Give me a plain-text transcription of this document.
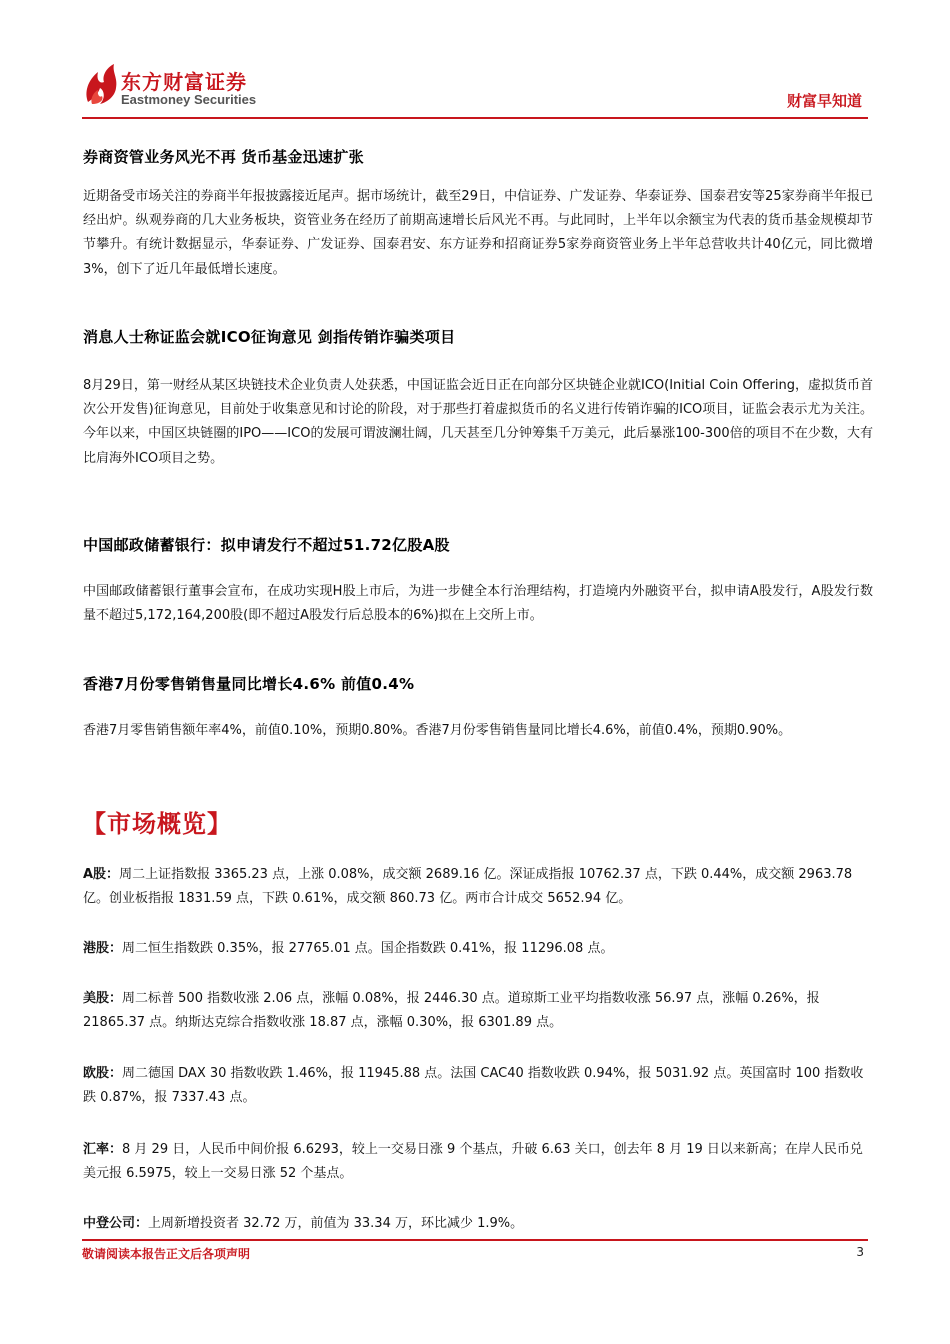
东方财富证券
Eastmoney Securities	财富早知道
券商资管业务风光不再 货币基金迅速扩张

近期备受市场关注的券商半年报披露接近尾声。据市场统计，截至29日，中信证券、广发证券、华泰证券、国泰君安等25家券商半年报已经出炉。纵观券商的几大业务板块，资管业务在经历了前期高速增长后风光不再。与此同时，上半年以余额宝为代表的货币基金规模却节节攀升。有统计数据显示，华泰证券、广发证券、国泰君安、东方证券和招商证券5家券商资管业务上半年总营收共计40亿元，同比微增3%，创下了近几年最低增长速度。

消息人士称证监会就ICO征询意见 剑指传销诈骗类项目

8月29日，第一财经从某区块链技术企业负责人处获悉，中国证监会近日正在向部分区块链企业就ICO(Initial Coin Offering，虚拟货币首次公开发售)征询意见，目前处于收集意见和讨论的阶段，对于那些打着虚拟货币的名义进行传销诈骗的ICO项目，证监会表示尤为关注。 今年以来，中国区块链圈的IPO——ICO的发展可谓波澜壮阔，几天甚至几分钟筹集千万美元，此后暴涨100-300倍的项目不在少数，大有比肩海外ICO项目之势。

中国邮政储蓄银行：拟申请发行不超过51.72亿股A股

中国邮政储蓄银行董事会宣布，在成功实现H股上市后，为进一步健全本行治理结构，打造境内外融资平台，拟申请A股发行，A股发行数量不超过5,172,164,200股(即不超过A股发行后总股本的6%)拟在上交所上市。

香港7月份零售销售量同比增长4.6% 前值0.4%

香港7月零售销售额年率4%，前值0.10%，预期0.80%。香港7月份零售销售量同比增长4.6%，前值0.4%，预期0.90%。

【市场概览】

A股：周二上证指数报 3365.23 点，上涨 0.08%，成交额 2689.16 亿。深证成指报 10762.37 点，下跌 0.44%，成交额 2963.78 亿。创业板指报 1831.59 点，下跌 0.61%，成交额 860.73 亿。两市合计成交 5652.94 亿。

港股：周二恒生指数跌 0.35%，报 27765.01 点。国企指数跌 0.41%，报 11296.08 点。

美股：周二标普 500 指数收涨 2.06 点，涨幅 0.08%，报 2446.30 点。道琼斯工业平均指数收涨 56.97 点，涨幅 0.26%，报 21865.37 点。纳斯达克综合指数收涨 18.87 点，涨幅 0.30%，报 6301.89 点。

欧股：周二德国 DAX 30 指数收跌 1.46%，报 11945.88 点。法国 CAC40 指数收跌 0.94%，报 5031.92 点。英国富时 100 指数收跌 0.87%，报 7337.43 点。

汇率：8 月 29 日，人民币中间价报 6.6293，较上一交易日涨 9 个基点，升破 6.63 关口，创去年 8 月 19 日以来新高；在岸人民币兑美元报 6.5975，较上一交易日涨 52 个基点。

中登公司：上周新增投资者 32.72 万，前值为 33.34 万，环比减少 1.9%。

敬请阅读本报告正文后各项声明	3
